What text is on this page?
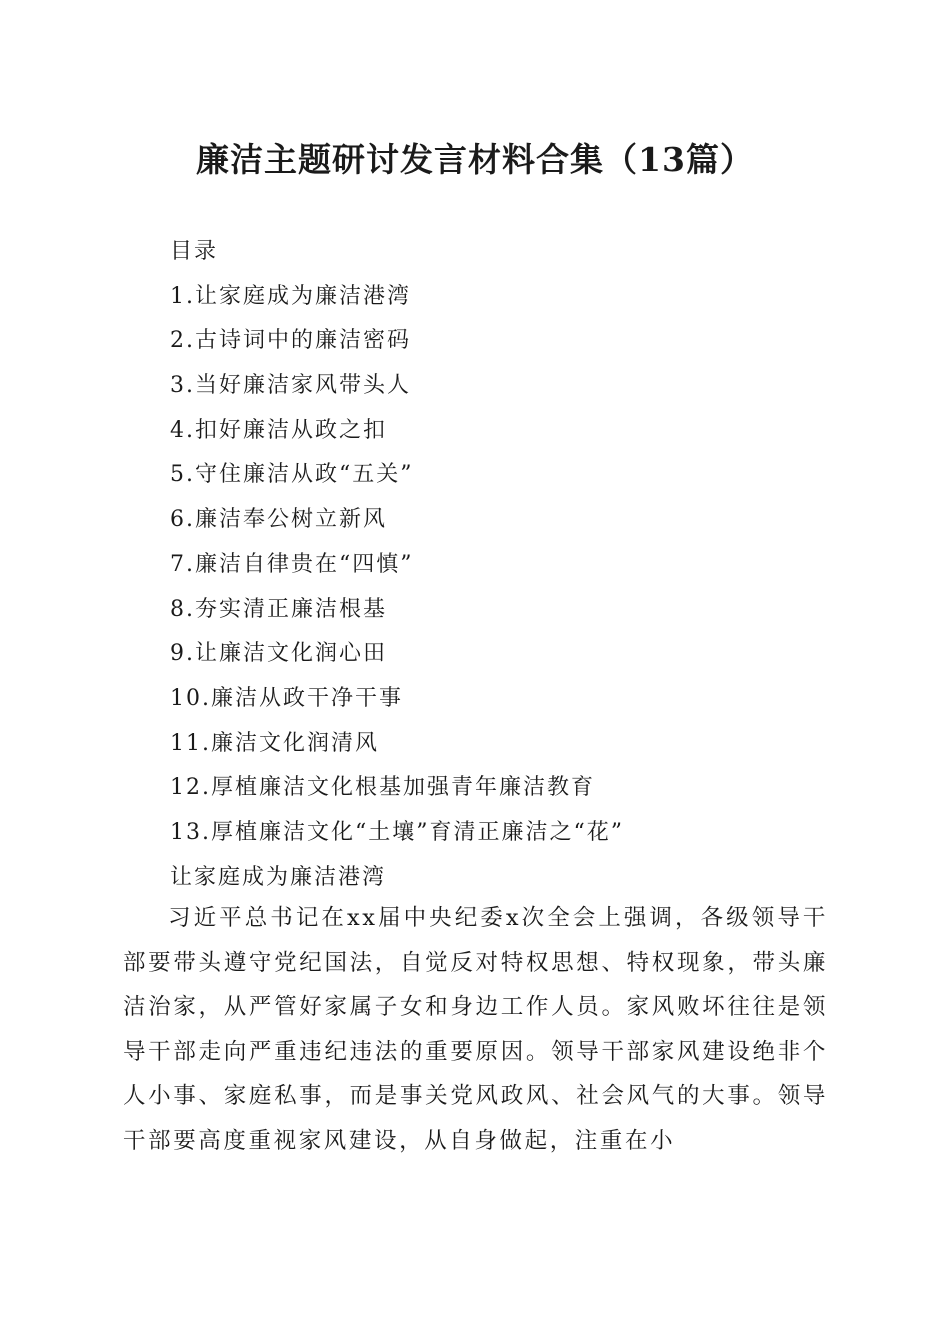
廉洁主题研讨发言材料合集（13篇）
目录
1.让家庭成为廉洁港湾
2.古诗词中的廉洁密码
3.当好廉洁家风带头人
4.扣好廉洁从政之扣
5.守住廉洁从政“五关”
6.廉洁奉公树立新风
7.廉洁自律贵在“四慎”
8.夯实清正廉洁根基
9.让廉洁文化润心田
10.廉洁从政干净干事
11.廉洁文化润清风
12.厚植廉洁文化根基加强青年廉洁教育
13.厚植廉洁文化“土壤”育清正廉洁之“花”
让家庭成为廉洁港湾

习近平总书记在xx届中央纪委x次全会上强调，各级领导干部要带头遵守党纪国法，自觉反对特权思想、特权现象，带头廉洁治家，从严管好家属子女和身边工作人员。家风败坏往往是领导干部走向严重违纪违法的重要原因。领导干部家风建设绝非个人小事、家庭私事，而是事关党风政风、社会风气的大事。领导干部要高度重视家风建设，从自身做起，注重在小
